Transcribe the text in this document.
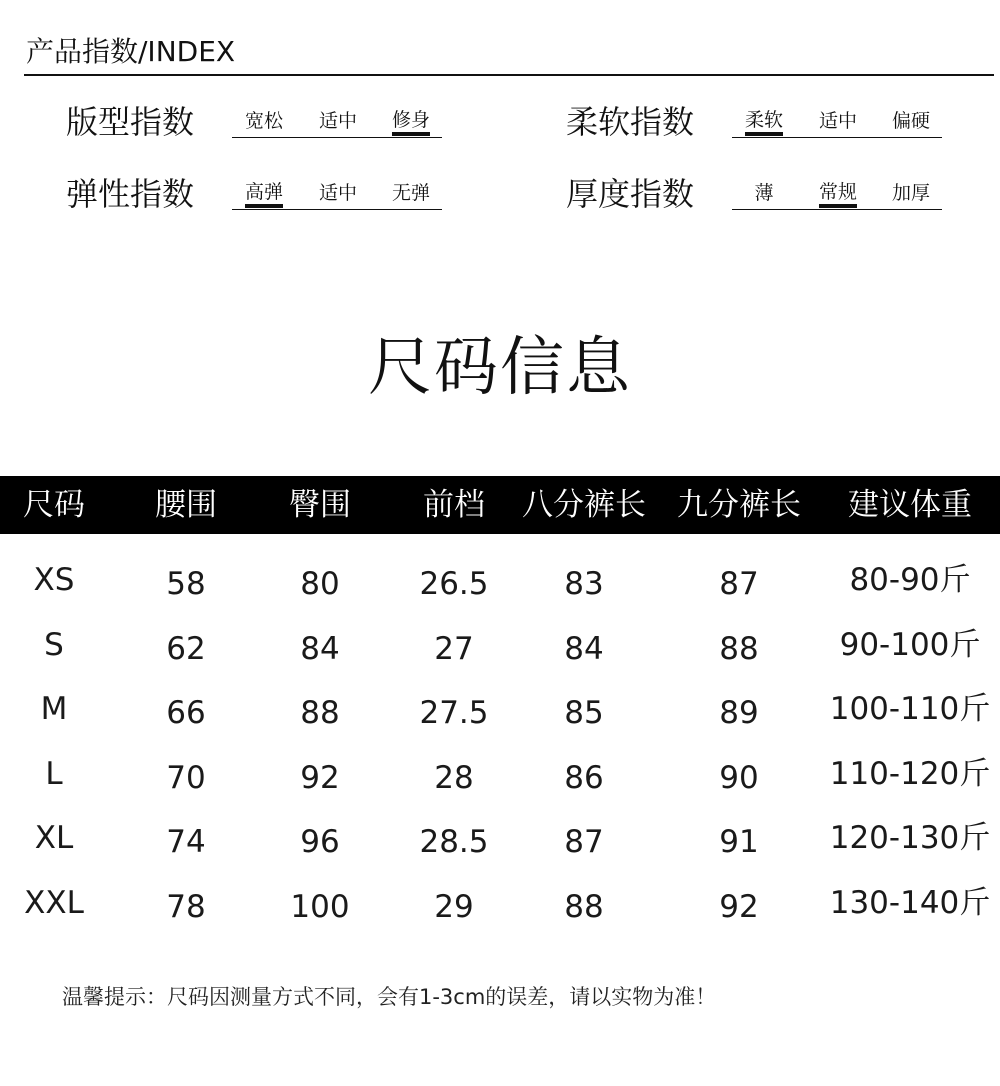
产品指数/INDEX
版型指数	宽松 适中 修身	柔软指数	柔软 适中 偏硬
弹性指数	高弹 适中 无弹	厚度指数	薄 常规 加厚
尺码信息
尺码 腰围 臀围 前档 八分裤长 九分裤长 建议体重
XS	58	80	26.5 83	87	80-90斤
S	62	84	27	84	88	90-100斤
M	66	88	27.5 85	89 100-110斤
L	70	92	28	86	90 110-120斤
XL	74	96	28.5 87	91 120-130斤
XXL	78	100	29	88	92 130-140斤
温馨提示：尺码因测量方式不同，会有1-3cm的误差，请以实物为准！
